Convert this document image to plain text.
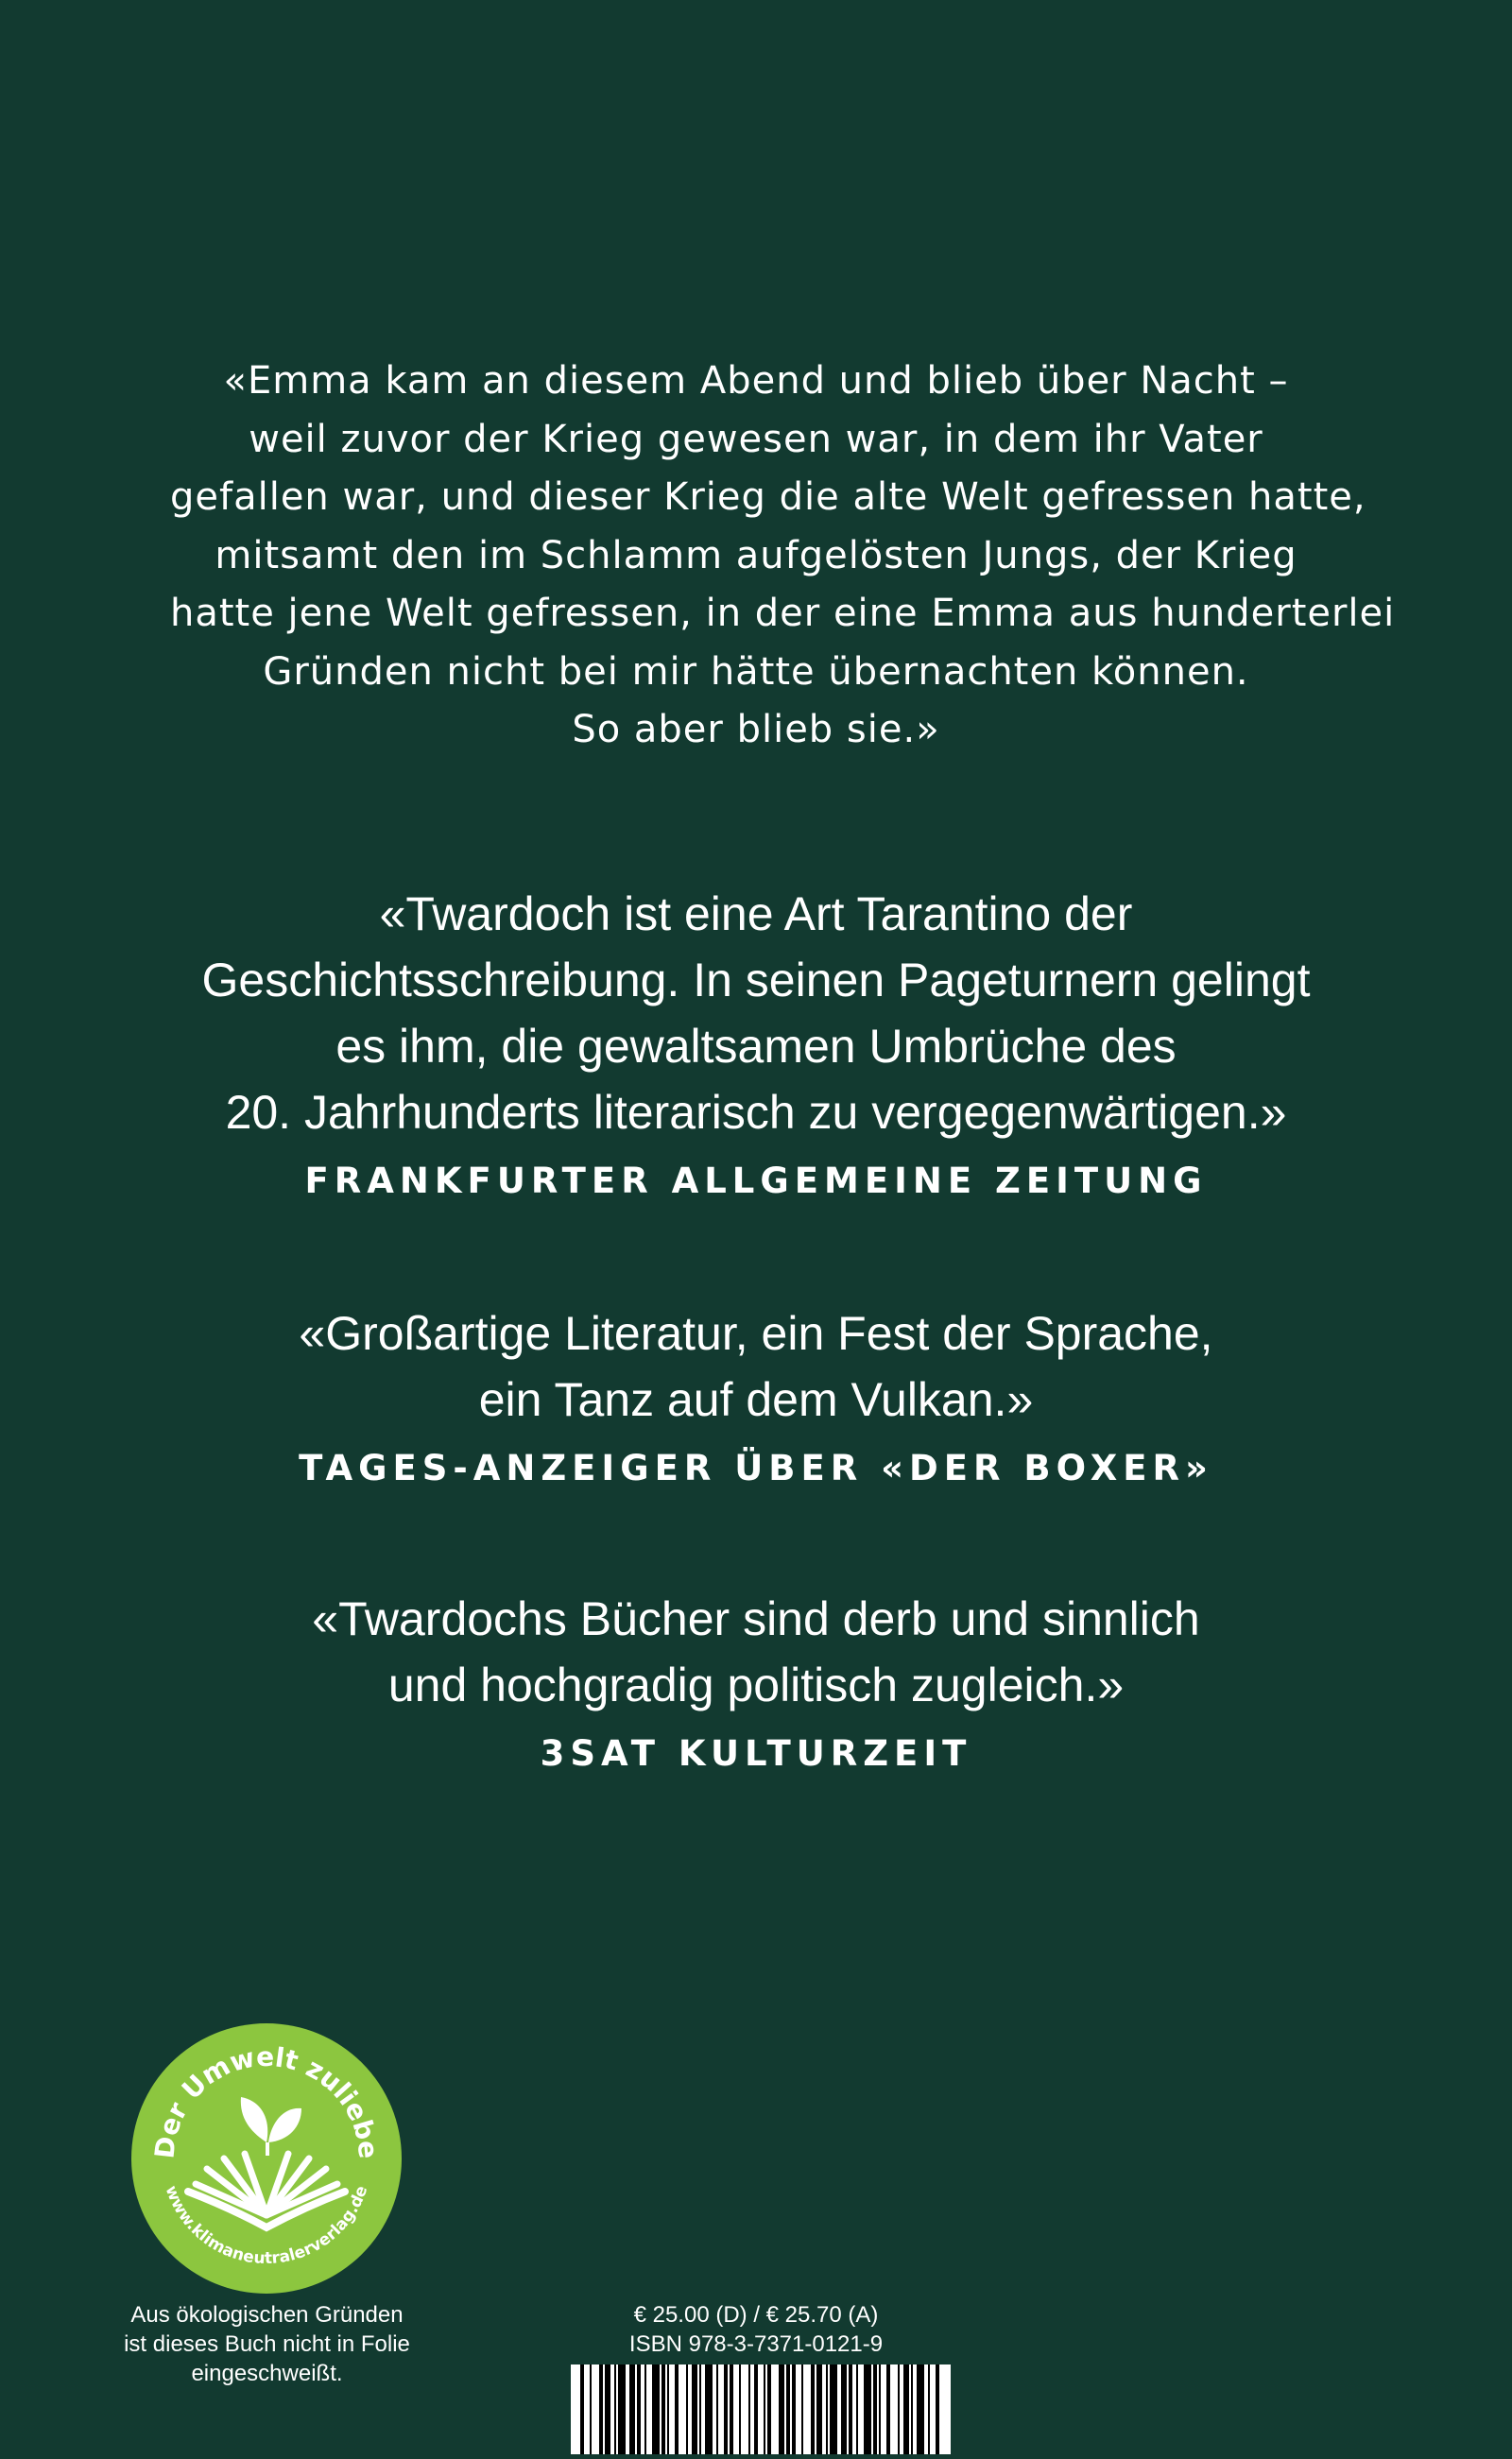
«Emma kam an diesem Abend und blieb über Nacht –
weil zuvor der Krieg gewesen war, in dem ihr Vater
gefallen war, und dieser Krieg die alte Welt gefressen hatte,
mitsamt den im Schlamm aufgelösten Jungs, der Krieg
hatte jene Welt gefressen, in der eine Emma aus hunderterlei
Gründen nicht bei mir hätte übernachten können.
So aber blieb sie.»
«Twardoch ist eine Art Tarantino der
Geschichtsschreibung. In seinen Pageturnern gelingt
es ihm, die gewaltsamen Umbrüche des
20. Jahrhunderts literarisch zu vergegenwärtigen.»
FRANKFURTER ALLGEMEINE ZEITUNG
«Großartige Literatur, ein Fest der Sprache,
ein Tanz auf dem Vulkan.»
TAGES-ANZEIGER ÜBER «DER BOXER»
«Twardochs Bücher sind derb und sinnlich
und hochgradig politisch zugleich.»
3SAT KULTURZEIT
Der Umwelt zuliebe
www.klimaneutralerverlag.de
Aus ökologischen Gründen
ist dieses Buch nicht in Folie
eingeschweißt.
€ 25.00 (D) / € 25.70 (A)
ISBN 978-3-7371-0121-9
